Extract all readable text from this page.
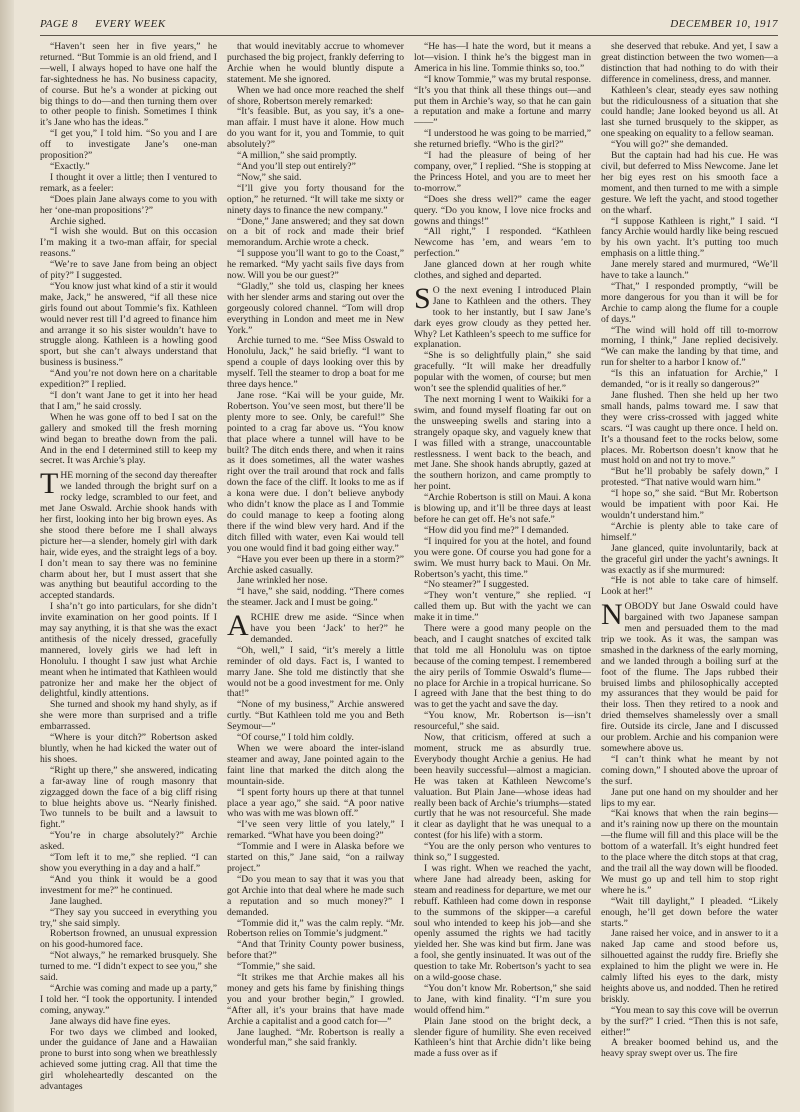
PAGE 8 EVERY WEEK	DECEMBER 10, 1917

“Haven’t seen her in five years,” he returned. “But Tommie is an old friend, and I—well, I always hoped to have one half the far-sightedness he has. No business capacity, of course. But he’s a wonder at picking out big things to do—and then turning them over to other people to finish. Sometimes I think it’s Jane who has the ideas.”

“I get you,” I told him. “So you and I are off to investigate Jane’s one-man proposition?”

“Exactly.”

I thought it over a little; then I ventured to remark, as a feeler:

“Does plain Jane always come to you with her ‘one-man propositions’?”

Archie sighed.

“I wish she would. But on this occasion I’m making it a two-man affair, for special reasons.”

“We’re to save Jane from being an object of pity?” I suggested.

“You know just what kind of a stir it would make, Jack,” he answered, “if all these nice girls found out about Tommie’s fix. Kathleen would never rest till I’d agreed to finance him and arrange it so his sister wouldn’t have to struggle along. Kathleen is a howling good sport, but she can’t always understand that business is business.”

“And you’re not down here on a charitable expedition?” I replied.

“I don’t want Jane to get it into her head that I am,” he said crossly.

When he was gone off to bed I sat on the gallery and smoked till the fresh morning wind began to breathe down from the pali. And in the end I determined still to keep my secret. It was Archie’s play.

THE morning of the second day thereafter we landed through the bright surf on a rocky ledge, scrambled to our feet, and met Jane Oswald. Archie shook hands with her first, looking into her big brown eyes. As she stood there before me I shall always picture her—a slender, homely girl with dark hair, wide eyes, and the straight legs of a boy. I don’t mean to say there was no feminine charm about her, but I must assert that she was anything but beautiful according to the accepted standards.

I sha’n’t go into particulars, for she didn’t invite examination on her good points. If I may say anything, it is that she was the exact antithesis of the nicely dressed, gracefully mannered, lovely girls we had left in Honolulu. I thought I saw just what Archie meant when he intimated that Kathleen would patronize her and make her the object of delightful, kindly attentions.

She turned and shook my hand shyly, as if she were more than surprised and a trifle embarrassed.

“Where is your ditch?” Robertson asked bluntly, when he had kicked the water out of his shoes.

“Right up there,” she answered, indicating a far-away line of rough masonry that zigzagged down the face of a big cliff rising to blue heights above us. “Nearly finished. Two tunnels to be built and a lawsuit to fight.”

“You’re in charge absolutely?” Archie asked.

“Tom left it to me,” she replied. “I can show you everything in a day and a half.”

“And you think it would be a good investment for me?” he continued.

Jane laughed.

“They say you succeed in everything you try,” she said simply.

Robertson frowned, an unusual expression on his good-humored face.

“Not always,” he remarked brusquely. She turned to me. “I didn’t expect to see you,” she said.

“Archie was coming and made up a party,” I told her. “I took the opportunity. I intended coming, anyway.”

Jane always did have fine eyes.

For two days we climbed and looked, under the guidance of Jane and a Hawaiian prone to burst into song when we breathlessly achieved some jutting crag. All that time the girl wholeheartedly descanted on the advantages

that would inevitably accrue to whomever purchased the big project, frankly deferring to Archie when he would bluntly dispute a statement. Me she ignored.

When we had once more reached the shelf of shore, Robertson merely remarked:

“It’s feasible. But, as you say, it’s a one-man affair. I must have it alone. How much do you want for it, you and Tommie, to quit absolutely?”

“A million,” she said promptly.

“And you’ll step out entirely?”

“Now,” she said.

“I’ll give you forty thousand for the option,” he returned. “It will take me sixty or ninety days to finance the new company.”

“Done,” Jane answered; and they sat down on a bit of rock and made their brief memorandum. Archie wrote a check.

“I suppose you’ll want to go to the Coast,” he remarked. “My yacht sails five days from now. Will you be our guest?”

“Gladly,” she told us, clasping her knees with her slender arms and staring out over the gorgeously colored channel. “Tom will drop everything in London and meet me in New York.”

Archie turned to me. “See Miss Oswald to Honolulu, Jack,” he said briefly. “I want to spend a couple of days looking over this by myself. Tell the steamer to drop a boat for me three days hence.”

Jane rose. “Kai will be your guide, Mr. Robertson. You’ve seen most, but there’ll be plenty more to see. Only, be careful!” She pointed to a crag far above us. “You know that place where a tunnel will have to be built? The ditch ends there, and when it rains as it does sometimes, all the water washes right over the trail around that rock and falls down the face of the cliff. It looks to me as if a kona were due. I don’t believe anybody who didn’t know the place as I and Tommie do could manage to keep a footing along there if the wind blew very hard. And if the ditch filled with water, even Kai would tell you one would find it bad going either way.”

“Have you ever been up there in a storm?” Archie asked casually.

Jane wrinkled her nose.

“I have,” she said, nodding. “There comes the steamer. Jack and I must be going.”

ARCHIE drew me aside. “Since when have you been ‘Jack’ to her?” he demanded.

“Oh, well,” I said, “it’s merely a little reminder of old days. Fact is, I wanted to marry Jane. She told me distinctly that she would not be a good investment for me. Only that!”

“None of my business,” Archie answered curtly. “But Kathleen told me you and Beth Seymour—”

“Of course,” I told him coldly.

When we were aboard the inter-island steamer and away, Jane pointed again to the faint line that marked the ditch along the mountain-side.

“I spent forty hours up there at that tunnel place a year ago,” she said. “A poor native who was with me was blown off.”

“I’ve seen very little of you lately,” I remarked. “What have you been doing?”

“Tommie and I were in Alaska before we started on this,” Jane said, “on a railway project.”

“Do you mean to say that it was you that got Archie into that deal where he made such a reputation and so much money?” I demanded.

“Tommie did it,” was the calm reply. “Mr. Robertson relies on Tommie’s judgment.”

“And that Trinity County power business, before that?”

“Tommie,” she said.

“It strikes me that Archie makes all his money and gets his fame by finishing things you and your brother begin,” I growled. “After all, it’s your brains that have made Archie a capitalist and a good catch for—”

Jane laughed. “Mr. Robertson is really a wonderful man,” she said frankly.

“He has—I hate the word, but it means a lot—vision. I think he’s the biggest man in America in his line. Tommie thinks so, too.”

“I know Tommie,” was my brutal response. “It’s you that think all these things out—and put them in Archie’s way, so that he can gain a reputation and make a fortune and marry——”

“I understood he was going to be married,” she returned briefly. “Who is the girl?”

“I had the pleasure of being of her company, over,” I replied. “She is stopping at the Princess Hotel, and you are to meet her to-morrow.”

“Does she dress well?” came the eager query. “Do you know, I love nice frocks and gowns and things!”

“All right,” I responded. “Kathleen Newcome has ’em, and wears ’em to perfection.”

Jane glanced down at her rough white clothes, and sighed and departed.

SO the next evening I introduced Plain Jane to Kathleen and the others. They took to her instantly, but I saw Jane’s dark eyes grow cloudy as they petted her. Why? Let Kathleen’s speech to me suffice for explanation.

“She is so delightfully plain,” she said gracefully. “It will make her dreadfully popular with the women, of course; but men won’t see the splendid qualities of her.”

The next morning I went to Waikiki for a swim, and found myself floating far out on the unsweeping swells and staring into a strangely opaque sky, and vaguely knew that I was filled with a strange, unaccountable restlessness. I went back to the beach, and met Jane. She shook hands abruptly, gazed at the southern horizon, and came promptly to her point.

“Archie Robertson is still on Maui. A kona is blowing up, and it’ll be three days at least before he can get off. He’s not safe.”

“How did you find me?” I demanded.

“I inquired for you at the hotel, and found you were gone. Of course you had gone for a swim. We must hurry back to Maui. On Mr. Robertson’s yacht, this time.”

“No steamer?” I suggested.

“They won’t venture,” she replied. “I called them up. But with the yacht we can make it in time.”

There were a good many people on the beach, and I caught snatches of excited talk that told me all Honolulu was on tiptoe because of the coming tempest. I remembered the airy perils of Tommie Oswald’s flume—no place for Archie in a tropical hurricane. So I agreed with Jane that the best thing to do was to get the yacht and save the day.

“You know, Mr. Robertson is—isn’t resourceful,” she said.

Now, that criticism, offered at such a moment, struck me as absurdly true. Everybody thought Archie a genius. He had been heavily successful—almost a magician. He was taken at Kathleen Newcome’s valuation. But Plain Jane—whose ideas had really been back of Archie’s triumphs—stated curtly that he was not resourceful. She made it clear as daylight that he was unequal to a contest (for his life) with a storm.

“You are the only person who ventures to think so,” I suggested.

I was right. When we reached the yacht, where Jane had already been, asking for steam and readiness for departure, we met our rebuff. Kathleen had come down in response to the summons of the skipper—a careful soul who intended to keep his job—and she openly assumed the rights we had tacitly yielded her. She was kind but firm. Jane was a fool, she gently insinuated. It was out of the question to take Mr. Robertson’s yacht to sea on a wild-goose chase.

“You don’t know Mr. Robertson,” she said to Jane, with kind finality. “I’m sure you would offend him.”

Plain Jane stood on the bright deck, a slender figure of humility. She even received Kathleen’s hint that Archie didn’t like being made a fuss over as if

she deserved that rebuke. And yet, I saw a great distinction between the two women—a distinction that had nothing to do with their difference in comeliness, dress, and manner.

Kathleen’s clear, steady eyes saw nothing but the ridiculousness of a situation that she could handle; Jane looked beyond us all. At last she turned brusquely to the skipper, as one speaking on equality to a fellow seaman.

“You will go?” she demanded.

But the captain had had his cue. He was civil, but deferred to Miss Newcome. Jane let her big eyes rest on his smooth face a moment, and then turned to me with a simple gesture. We left the yacht, and stood together on the wharf.

“I suppose Kathleen is right,” I said. “I fancy Archie would hardly like being rescued by his own yacht. It’s putting too much emphasis on a little thing.”

Jane merely stared and murmured, “We’ll have to take a launch.”

“That,” I responded promptly, “will be more dangerous for you than it will be for Archie to camp along the flume for a couple of days.”

“The wind will hold off till to-morrow morning, I think,” Jane replied decisively. “We can make the landing by that time, and run for shelter to a harbor I know of.”

“Is this an infatuation for Archie,” I demanded, “or is it really so dangerous?”

Jane flushed. Then she held up her two small hands, palms toward me. I saw that they were criss-crossed with jagged white scars. “I was caught up there once. I held on. It’s a thousand feet to the rocks below, some places. Mr. Robertson doesn’t know that he must hold on and not try to move.”

“But he’ll probably be safely down,” I protested. “That native would warn him.”

“I hope so,” she said. “But Mr. Robertson would be impatient with poor Kai. He wouldn’t understand him.”

“Archie is plenty able to take care of himself.”

Jane glanced, quite involuntarily, back at the graceful girl under the yacht’s awnings. It was exactly as if she murmured:

“He is not able to take care of himself. Look at her!”

NOBODY but Jane Oswald could have bargained with two Japanese sampan men and persuaded them to the mad trip we took. As it was, the sampan was smashed in the darkness of the early morning, and we landed through a boiling surf at the foot of the flume. The Japs rubbed their bruised limbs and philosophically accepted my assurances that they would be paid for their loss. Then they retired to a nook and dried themselves shamelessly over a small fire. Outside its circle, Jane and I discussed our problem. Archie and his companion were somewhere above us.

“I can’t think what he meant by not coming down,” I shouted above the uproar of the surf.

Jane put one hand on my shoulder and her lips to my ear.

“Kai knows that when the rain begins—and it’s raining now up there on the mountain—the flume will fill and this place will be the bottom of a waterfall. It’s eight hundred feet to the place where the ditch stops at that crag, and the trail all the way down will be flooded. We must go up and tell him to stop right where he is.”

“Wait till daylight,” I pleaded. “Likely enough, he’ll get down before the water starts.”

Jane raised her voice, and in answer to it a naked Jap came and stood before us, silhouetted against the ruddy fire. Briefly she explained to him the plight we were in. He calmly lifted his eyes to the dark, misty heights above us, and nodded. Then he retired briskly.

“You mean to say this cove will be overrun by the surf?” I cried. “Then this is not safe, either!”

A breaker boomed behind us, and the heavy spray swept over us. The fire
